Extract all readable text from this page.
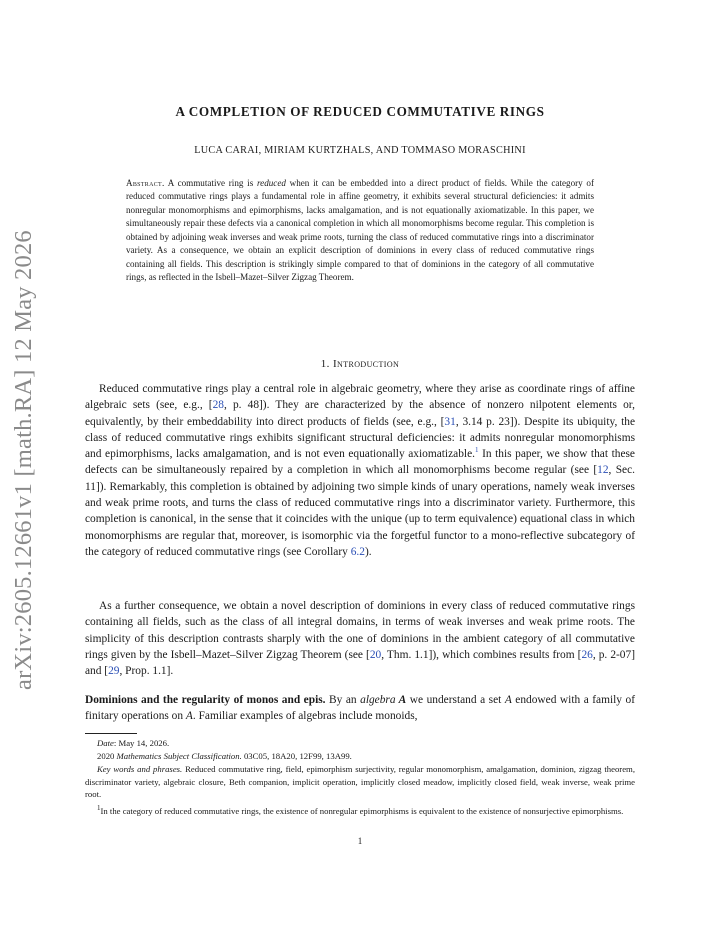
arXiv:2605.12661v1 [math.RA] 12 May 2026
A COMPLETION OF REDUCED COMMUTATIVE RINGS
LUCA CARAI, MIRIAM KURTZHALS, AND TOMMASO MORASCHINI
Abstract. A commutative ring is reduced when it can be embedded into a direct product of fields. While the category of reduced commutative rings plays a fundamental role in affine geometry, it exhibits several structural deficiencies: it admits nonregular monomorphisms and epimorphisms, lacks amalgamation, and is not equationally axiomatizable. In this paper, we simultaneously repair these defects via a canonical completion in which all monomorphisms become regular. This completion is obtained by adjoining weak inverses and weak prime roots, turning the class of reduced commutative rings into a discriminator variety. As a consequence, we obtain an explicit description of dominions in every class of reduced commutative rings containing all fields. This description is strikingly simple compared to that of dominions in the category of all commutative rings, as reflected in the Isbell–Mazet–Silver Zigzag Theorem.
1. Introduction
Reduced commutative rings play a central role in algebraic geometry, where they arise as coordinate rings of affine algebraic sets (see, e.g., [28, p. 48]). They are characterized by the absence of nonzero nilpotent elements or, equivalently, by their embeddability into direct products of fields (see, e.g., [31, 3.14 p. 23]). Despite its ubiquity, the class of reduced commutative rings exhibits significant structural deficiencies: it admits nonregular monomorphisms and epimorphisms, lacks amalgamation, and is not even equationally axiomatizable.$^1$ In this paper, we show that these defects can be simultaneously repaired by a completion in which all monomorphisms become regular (see [12, Sec. 11]). Remarkably, this completion is obtained by adjoining two simple kinds of unary operations, namely weak inverses and weak prime roots, and turns the class of reduced commutative rings into a discriminator variety. Furthermore, this completion is canonical, in the sense that it coincides with the unique (up to term equivalence) equational class in which monomorphisms are regular that, moreover, is isomorphic via the forgetful functor to a mono-reflective subcategory of the category of reduced commutative rings (see Corollary 6.2).
As a further consequence, we obtain a novel description of dominions in every class of reduced commutative rings containing all fields, such as the class of all integral domains, in terms of weak inverses and weak prime roots. The simplicity of this description contrasts sharply with the one of dominions in the ambient category of all commutative rings given by the Isbell–Mazet–Silver Zigzag Theorem (see [20, Thm. 1.1]), which combines results from [26, p. 2-07] and [29, Prop. 1.1].
Dominions and the regularity of monos and epis. By an algebra A we understand a set A endowed with a family of finitary operations on A. Familiar examples of algebras include monoids,
Date: May 14, 2026.
2020 Mathematics Subject Classification. 03C05, 18A20, 12F99, 13A99.
Key words and phrases. Reduced commutative ring, field, epimorphism surjectivity, regular monomorphism, amalgamation, dominion, zigzag theorem, discriminator variety, algebraic closure, Beth companion, implicit operation, implicitly closed meadow, implicitly closed field, weak inverse, weak prime root.
$^1$In the category of reduced commutative rings, the existence of nonregular epimorphisms is equivalent to the existence of nonsurjective epimorphisms.
1
